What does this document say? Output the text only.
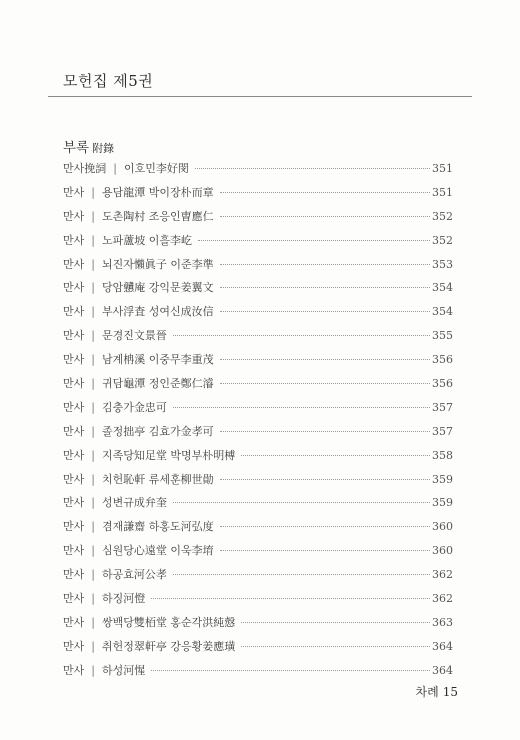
모헌집 제5권
부록 附錄
만사挽詞 | 이호민李好閔	351
만사 | 용담龍潭 박이장朴而章	351
만사 | 도촌陶村 조응인曺應仁	352
만사 | 노파蘆坡 이흘李屹	352
만사 | 뇌진자懶眞子 이준李準	353
만사 | 당암戇庵 강익문姜翼文	354
만사 | 부사浮査 성여신成汝信	354
만사 | 문경진文景晉	355
만사 | 남계柟溪 이중무李重茂	356
만사 | 귀담龜潭 정인준鄭仁濬	356
만사 | 김충가金忠可	357
만사 | 졸정拙亭 김효가金孝可	357
만사 | 지족당知足堂 박명부朴明榑	358
만사 | 치헌恥軒 류세훈柳世勛	359
만사 | 성변규成弁奎	359
만사 | 겸재謙齋 하홍도河弘度	360
만사 | 심원당心遠堂 이욱李堉	360
만사 | 하공효河公孝	362
만사 | 하징河憕	362
만사 | 쌍백당雙栢堂 홍순각洪純慤	363
만사 | 취헌정翠軒亭 강응황姜應璜	364
만사 | 하성河惺	364
차례 15
